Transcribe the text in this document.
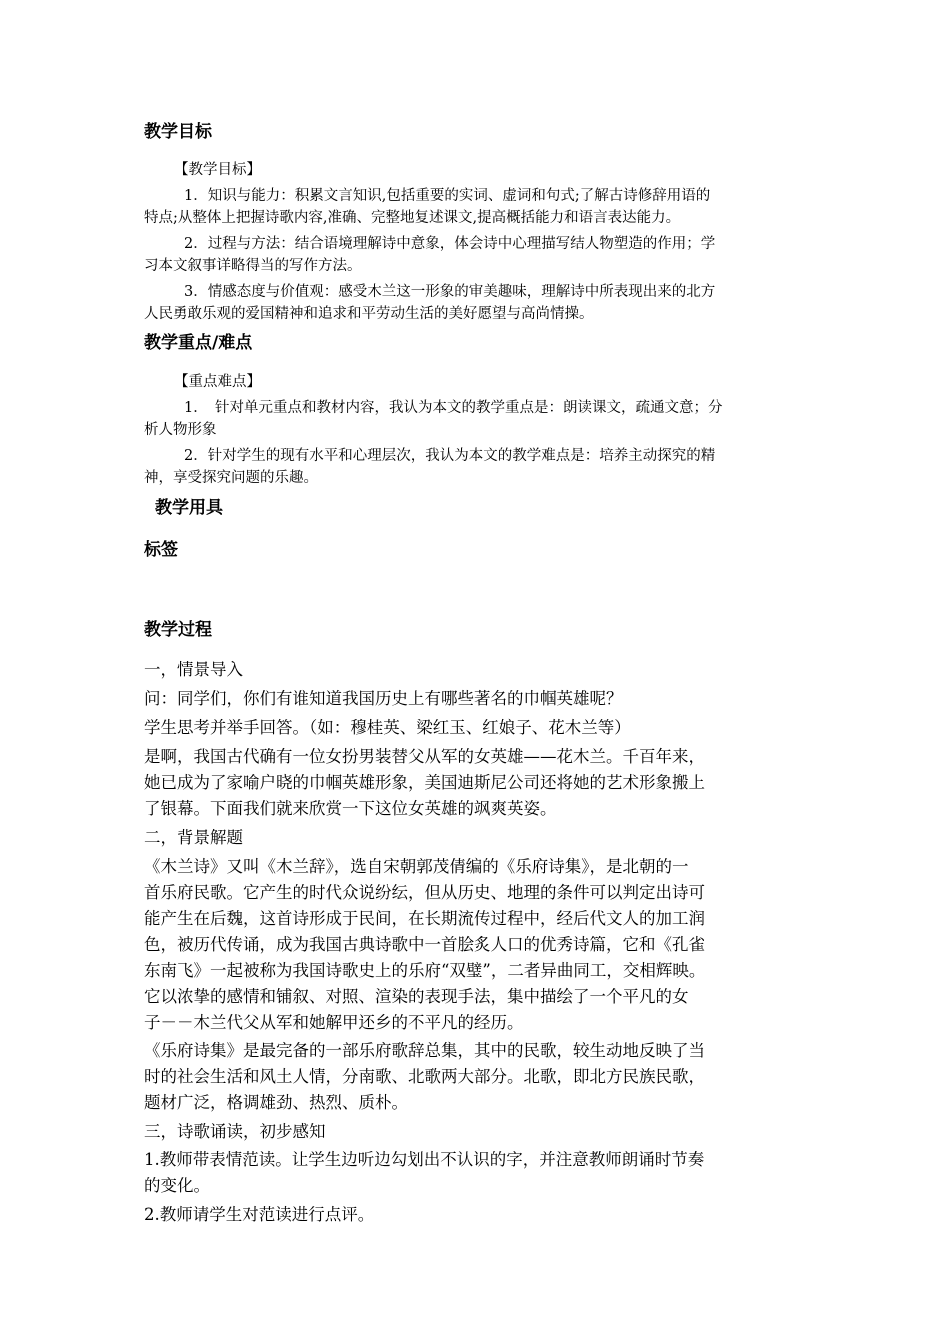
教学目标
【教学目标】
1．知识与能力：积累文言知识,包括重要的实词、虚词和句式;了解古诗修辞用语的
特点;从整体上把握诗歌内容,准确、完整地复述课文,提高概括能力和语言表达能力。
2．过程与方法：结合语境理解诗中意象，体会诗中心理描写结人物塑造的作用；学
习本文叙事详略得当的写作方法。
3．情感态度与价值观：感受木兰这一形象的审美趣味，理解诗中所表现出来的北方
人民勇敢乐观的爱国精神和追求和平劳动生活的美好愿望与高尚情操。
教学重点/难点
【重点难点】
1．　针对单元重点和教材内容，我认为本文的教学重点是：朗读课文，疏通文意；分
析人物形象
2．针对学生的现有水平和心理层次，我认为本文的教学难点是：培养主动探究的精
神，享受探究问题的乐趣。
教学用具
标签
教学过程
一，情景导入
问：同学们，你们有谁知道我国历史上有哪些著名的巾帼英雄呢？
学生思考并举手回答。（如：穆桂英、梁红玉、红娘子、花木兰等）
是啊，我国古代确有一位女扮男装替父从军的女英雄——花木兰。千百年来，
她已成为了家喻户晓的巾帼英雄形象，美国迪斯尼公司还将她的艺术形象搬上
了银幕。下面我们就来欣赏一下这位女英雄的飒爽英姿。
二，背景解题
《木兰诗》又叫《木兰辞》，选自宋朝郭茂倩编的《乐府诗集》，是北朝的一
首乐府民歌。它产生的时代众说纷纭，但从历史、地理的条件可以判定出诗可
能产生在后魏，这首诗形成于民间，在长期流传过程中，经后代文人的加工润
色，被历代传诵，成为我国古典诗歌中一首脍炙人口的优秀诗篇，它和《孔雀
东南飞》一起被称为我国诗歌史上的乐府“双璧”，二者异曲同工，交相辉映。
它以浓挚的感情和铺叙、对照、渲染的表现手法，集中描绘了一个平凡的女
子－－木兰代父从军和她解甲还乡的不平凡的经历。
《乐府诗集》是最完备的一部乐府歌辞总集，其中的民歌，较生动地反映了当
时的社会生活和风土人情，分南歌、北歌两大部分。北歌，即北方民族民歌，
题材广泛，格调雄劲、热烈、质朴。
三，诗歌诵读，初步感知
1.教师带表情范读。让学生边听边勾划出不认识的字，并注意教师朗诵时节奏
的变化。
2.教师请学生对范读进行点评。
